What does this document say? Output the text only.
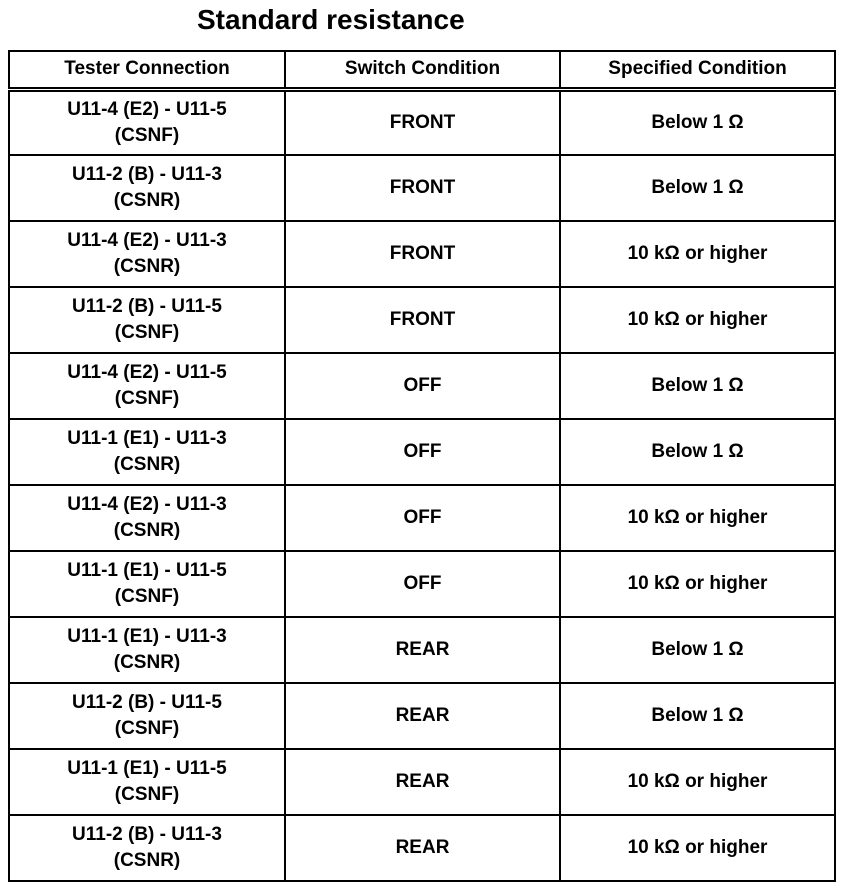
Standard resistance
Tester Connection	Switch Condition	Specified Condition

U11-4 (E2) - U11-5
(CSNF)	FRONT	Below 1 Ω

U11-2 (B) - U11-3
(CSNR)	FRONT	Below 1 Ω

U11-4 (E2) - U11-3
(CSNR)	FRONT	10 kΩ or higher

U11-2 (B) - U11-5
(CSNF)	FRONT	10 kΩ or higher

U11-4 (E2) - U11-5
(CSNF)	OFF	Below 1 Ω

U11-1 (E1) - U11-3
(CSNR)	OFF	Below 1 Ω

U11-4 (E2) - U11-3
(CSNR)	OFF	10 kΩ or higher

U11-1 (E1) - U11-5
(CSNF)	OFF	10 kΩ or higher

U11-1 (E1) - U11-3
(CSNR)	REAR	Below 1 Ω

U11-2 (B) - U11-5
(CSNF)	REAR	Below 1 Ω

U11-1 (E1) - U11-5
(CSNF)	REAR	10 kΩ or higher

U11-2 (B) - U11-3
(CSNR)	REAR	10 kΩ or higher
